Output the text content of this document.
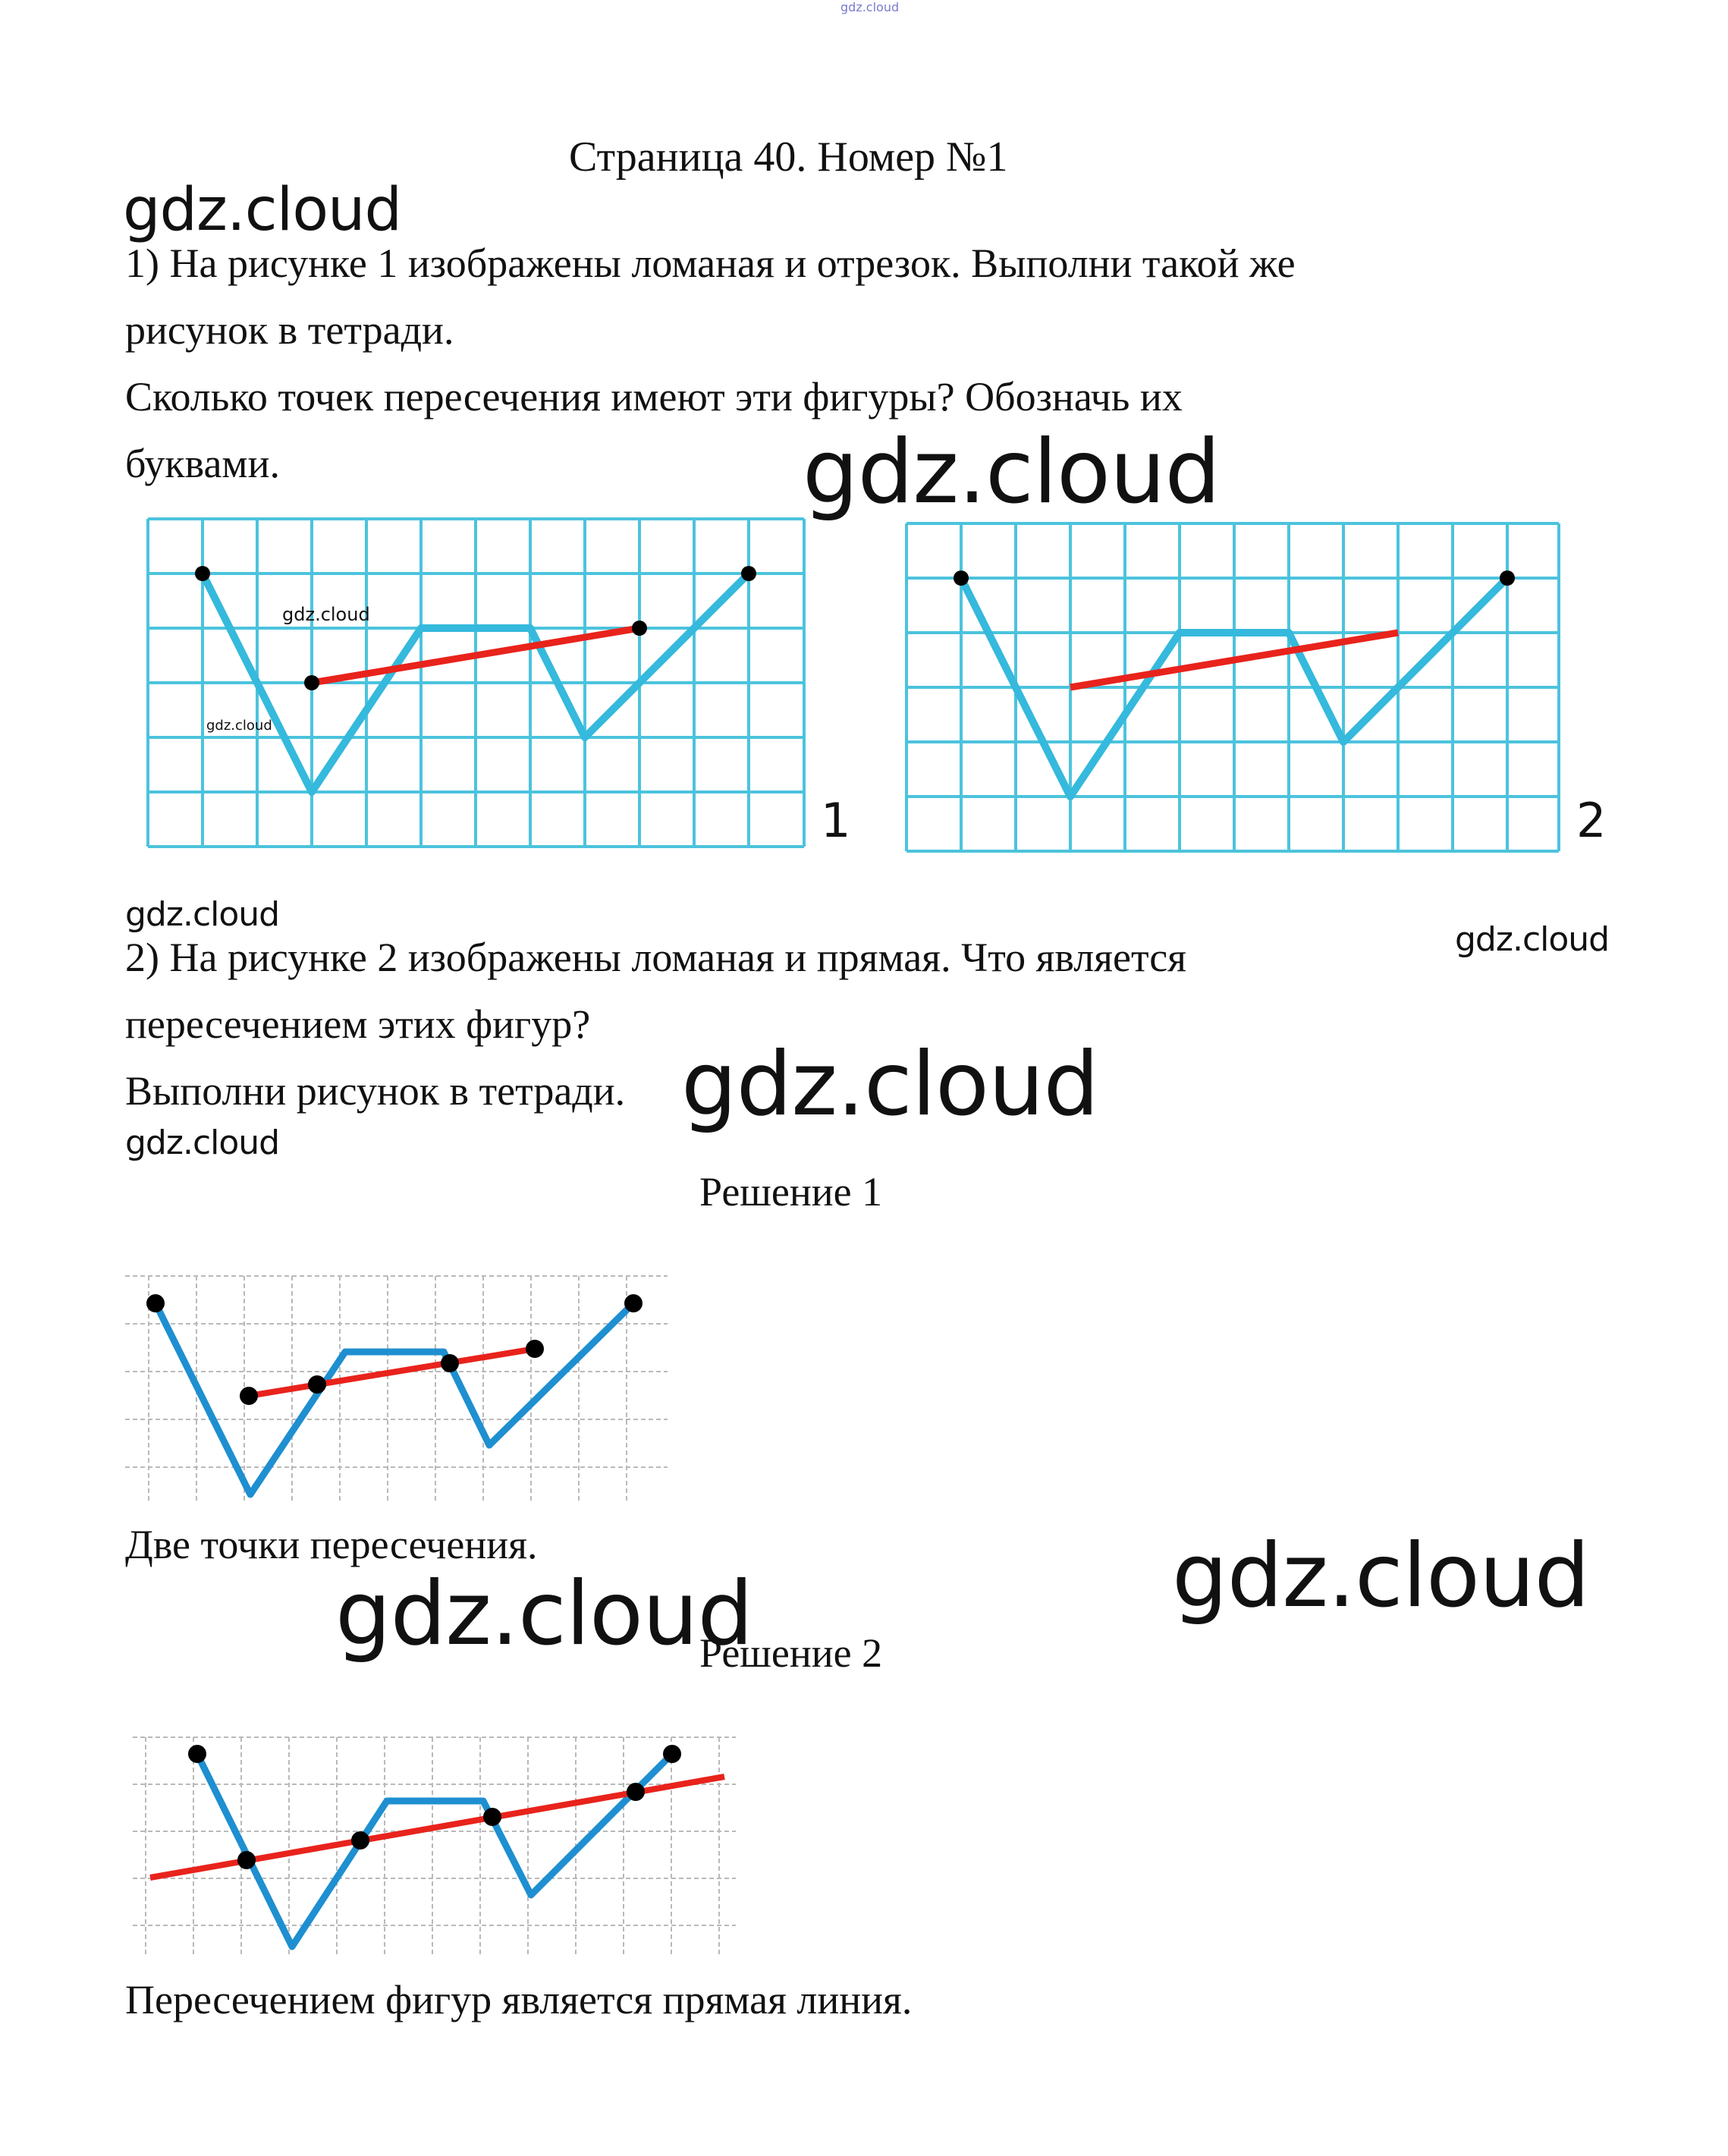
gdz.cloud
Страница 40. Номер №1
gdz.cloud
gdz.cloud
gdz.cloud
gdz.cloud
gdz.cloud
gdz.cloud
gdz.cloud
gdz.cloud
1) На рисунке 1 изображены ломаная и отрезок. Выполни такой же
рисунок в тетради.
Сколько точек пересечения имеют эти фигуры? Обозначь их
буквами.
gdz.cloud
gdz.cloud
1	2
2) На рисунке 2 изображены ломаная и прямая. Что является
пересечением этих фигур?
Выполни рисунок в тетради.
Решение 1
Две точки пересечения.
Решение 2
Пересечением фигур является прямая линия.
